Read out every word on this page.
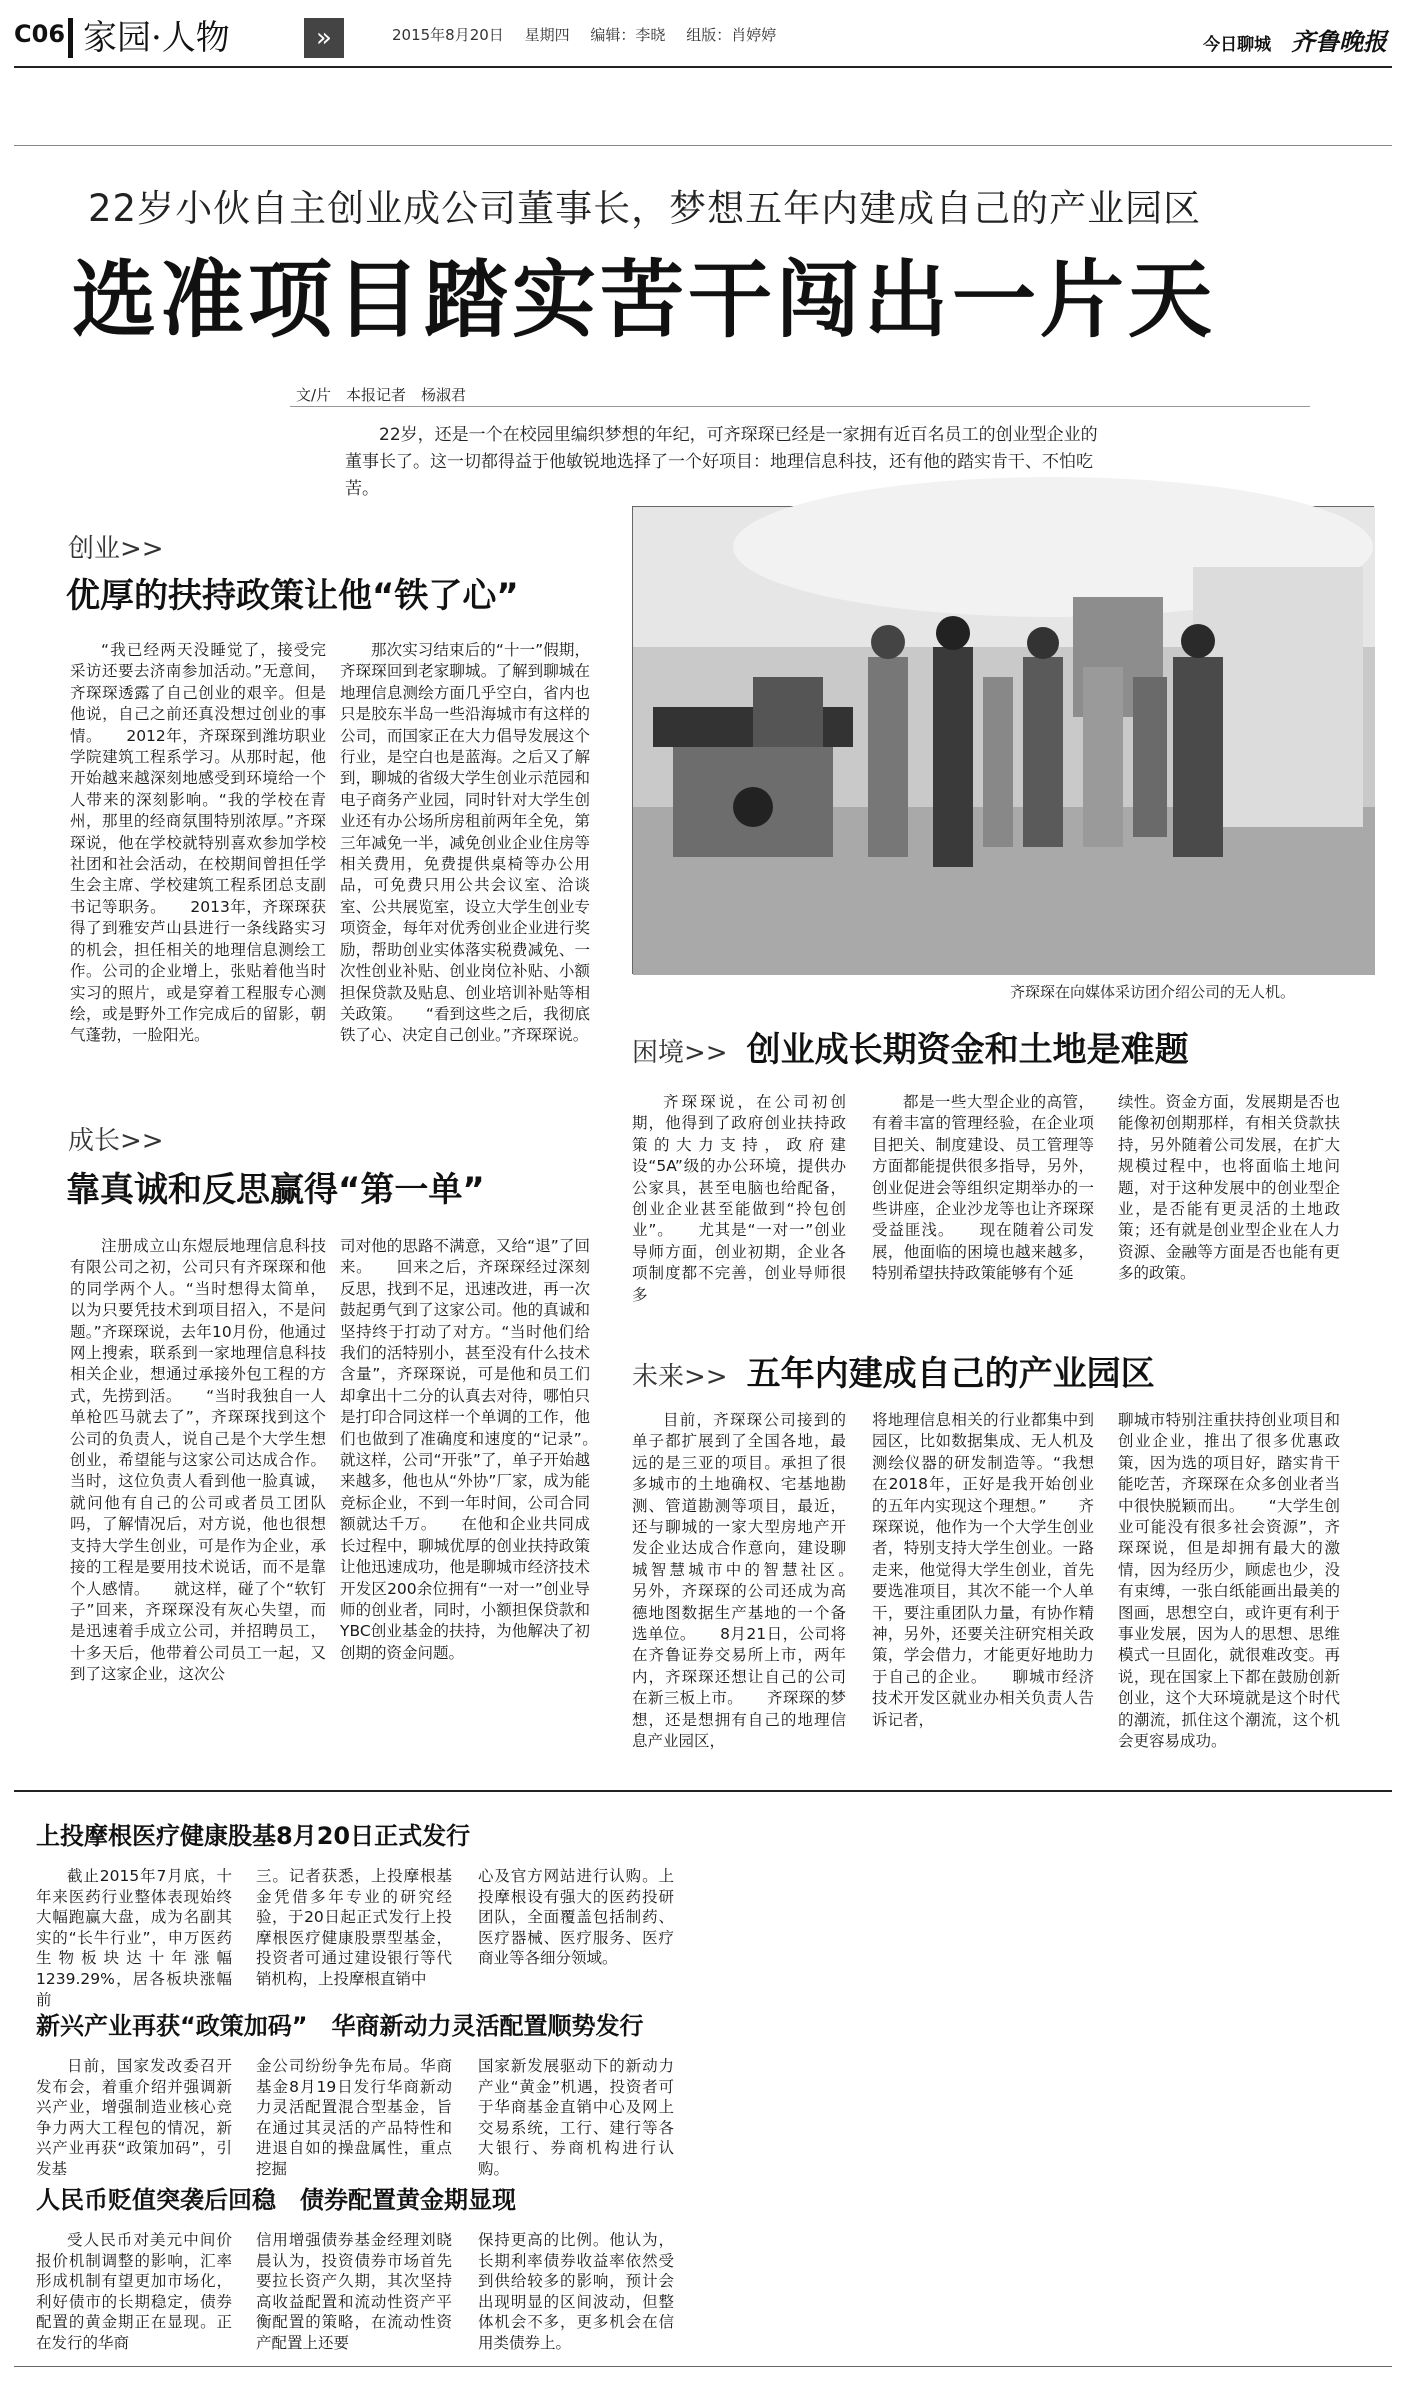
C06 家园·人物	»	2015年8月20日 星期四 编辑：李晓 组版：肖婷婷	今日聊城 齐鲁晚报
22岁小伙自主创业成公司董事长，梦想五年内建成自己的产业园区
选准项目踏实苦干闯出一片天
文/片　本报记者　杨淑君
22岁，还是一个在校园里编织梦想的年纪，可齐琛琛已经是一家拥有近百名员工的创业型企业的董事长了。这一切都得益于他敏锐地选择了一个好项目：地理信息科技，还有他的踏实肯干、不怕吃苦。
创业>>
优厚的扶持政策让他“铁了心”

“我已经两天没睡觉了，接受完采访还要去济南参加活动。”无意间，齐琛琛透露了自己创业的艰辛。但是他说，自己之前还真没想过创业的事情。　　2012年，齐琛琛到潍坊职业学院建筑工程系学习。从那时起，他开始越来越深刻地感受到环境给一个人带来的深刻影响。“我的学校在青州，那里的经商氛围特别浓厚。”齐琛琛说，他在学校就特别喜欢参加学校社团和社会活动，在校期间曾担任学生会主席、学校建筑工程系团总支副书记等职务。　　2013年，齐琛琛获得了到雅安芦山县进行一条线路实习的机会，担任相关的地理信息测绘工作。公司的企业增上，张贴着他当时实习的照片，或是穿着工程服专心测绘，或是野外工作完成后的留影，朝气蓬勃，一脸阳光。

那次实习结束后的“十一”假期，齐琛琛回到老家聊城。了解到聊城在地理信息测绘方面几乎空白，省内也只是胶东半岛一些沿海城市有这样的公司，而国家正在大力倡导发展这个行业，是空白也是蓝海。之后又了解到，聊城的省级大学生创业示范园和电子商务产业园，同时针对大学生创业还有办公场所房租前两年全免，第三年减免一半，减免创业企业住房等相关费用，免费提供桌椅等办公用品，可免费只用公共会议室、洽谈室、公共展览室，设立大学生创业专项资金，每年对优秀创业企业进行奖励，帮助创业实体落实税费减免、一次性创业补贴、创业岗位补贴、小额担保贷款及贴息、创业培训补贴等相关政策。　　“看到这些之后，我彻底铁了心、决定自己创业。”齐琛琛说。

齐琛琛在向媒体采访团介绍公司的无人机。
困境>> 创业成长期资金和土地是难题

齐琛琛说，在公司初创期，他得到了政府创业扶持政策的大力支持，政府建设“5A”级的办公环境，提供办公家具，甚至电脑也给配备，创业企业甚至能做到“拎包创业”。　　尤其是“一对一”创业导师方面，创业初期，企业各项制度都不完善，创业导师很多

都是一些大型企业的高管，有着丰富的管理经验，在企业项目把关、制度建设、员工管理等方面都能提供很多指导，另外，创业促进会等组织定期举办的一些讲座，企业沙龙等也让齐琛琛受益匪浅。　　现在随着公司发展，他面临的困境也越来越多，特别希望扶持政策能够有个延

续性。资金方面，发展期是否也能像初创期那样，有相关贷款扶持，另外随着公司发展，在扩大规模过程中，也将面临土地问题，对于这种发展中的创业型企业，是否能有更灵活的土地政策；还有就是创业型企业在人力资源、金融等方面是否也能有更多的政策。

成长>>
靠真诚和反思赢得“第一单”

注册成立山东煜辰地理信息科技有限公司之初，公司只有齐琛琛和他的同学两个人。“当时想得太简单，以为只要凭技术到项目招入，不是问题。”齐琛琛说，去年10月份，他通过网上搜索，联系到一家地理信息科技相关企业，想通过承接外包工程的方式，先捞到活。　　“当时我独自一人单枪匹马就去了”，齐琛琛找到这个公司的负责人，说自己是个大学生想创业，希望能与这家公司达成合作。当时，这位负责人看到他一脸真诚，就问他有自己的公司或者员工团队吗，了解情况后，对方说，他也很想支持大学生创业，可是作为企业，承接的工程是要用技术说话，而不是靠个人感情。　　就这样，碰了个“软钉子”回来，齐琛琛没有灰心失望，而是迅速着手成立公司，并招聘员工，十多天后，他带着公司员工一起，又到了这家企业，这次公

司对他的思路不满意，又给“退”了回来。　　回来之后，齐琛琛经过深刻反思，找到不足，迅速改进，再一次鼓起勇气到了这家公司。他的真诚和坚持终于打动了对方。“当时他们给我们的活特别小，甚至没有什么技术含量”，齐琛琛说，可是他和员工们却拿出十二分的认真去对待，哪怕只是打印合同这样一个单调的工作，他们也做到了准确度和速度的“记录”。　　就这样，公司“开张”了，单子开始越来越多，他也从“外协”厂家，成为能竞标企业，不到一年时间，公司合同额就达千万。　　在他和企业共同成长过程中，聊城优厚的创业扶持政策让他迅速成功，他是聊城市经济技术开发区200余位拥有“一对一”创业导师的创业者，同时，小额担保贷款和YBC创业基金的扶持，为他解决了初创期的资金问题。

未来>> 五年内建成自己的产业园区

目前，齐琛琛公司接到的单子都扩展到了全国各地，最远的是三亚的项目。承担了很多城市的土地确权、宅基地勘测、管道勘测等项目，最近，还与聊城的一家大型房地产开发企业达成合作意向，建设聊城智慧城市中的智慧社区。　　另外，齐琛琛的公司还成为高德地图数据生产基地的一个备选单位。　　8月21日，公司将在齐鲁证券交易所上市，两年内，齐琛琛还想让自己的公司在新三板上市。　　齐琛琛的梦想，还是想拥有自己的地理信息产业园区，

将地理信息相关的行业都集中到园区，比如数据集成、无人机及测绘仪器的研发制造等。“我想在2018年，正好是我开始创业的五年内实现这个理想。”　　齐琛琛说，他作为一个大学生创业者，特别支持大学生创业。一路走来，他觉得大学生创业，首先要选准项目，其次不能一个人单干，要注重团队力量，有协作精神，另外，还要关注研究相关政策，学会借力，才能更好地助力于自己的企业。　　聊城市经济技术开发区就业办相关负责人告诉记者，

聊城市特别注重扶持创业项目和创业企业，推出了很多优惠政策，因为选的项目好，踏实肯干能吃苦，齐琛琛在众多创业者当中很快脱颖而出。　　“大学生创业可能没有很多社会资源”，齐琛琛说，但是却拥有最大的激情，因为经历少，顾虑也少，没有束缚，一张白纸能画出最美的图画，思想空白，或许更有利于事业发展，因为人的思想、思维模式一旦固化，就很难改变。再说，现在国家上下都在鼓励创新创业，这个大环境就是这个时代的潮流，抓住这个潮流，这个机会更容易成功。

上投摩根医疗健康股基8月20日正式发行

截止2015年7月底，十年来医药行业整体表现始终大幅跑赢大盘，成为名副其实的“长牛行业”，申万医药生物板块达十年涨幅1239.29%，居各板块涨幅前

三。记者获悉，上投摩根基金凭借多年专业的研究经验，于20日起正式发行上投摩根医疗健康股票型基金，投资者可通过建设银行等代销机构，上投摩根直销中

心及官方网站进行认购。上投摩根设有强大的医药投研团队，全面覆盖包括制药、医疗器械、医疗服务、医疗商业等各细分领域。

新兴产业再获“政策加码”　华商新动力灵活配置顺势发行

日前，国家发改委召开发布会，着重介绍并强调新兴产业，增强制造业核心竞争力两大工程包的情况，新兴产业再获“政策加码”，引发基

金公司纷纷争先布局。华商基金8月19日发行华商新动力灵活配置混合型基金，旨在通过其灵活的产品特性和进退自如的操盘属性，重点挖掘

国家新发展驱动下的新动力产业“黄金”机遇，投资者可于华商基金直销中心及网上交易系统，工行、建行等各大银行、券商机构进行认购。

人民币贬值突袭后回稳　债券配置黄金期显现

受人民币对美元中间价报价机制调整的影响，汇率形成机制有望更加市场化，利好债市的长期稳定，债券配置的黄金期正在显现。正在发行的华商

信用增强债券基金经理刘晓晨认为，投资债券市场首先要拉长资产久期，其次坚持高收益配置和流动性资产平衡配置的策略，在流动性资产配置上还要

保持更高的比例。他认为，长期利率债券收益率依然受到供给较多的影响，预计会出现明显的区间波动，但整体机会不多，更多机会在信用类债券上。
